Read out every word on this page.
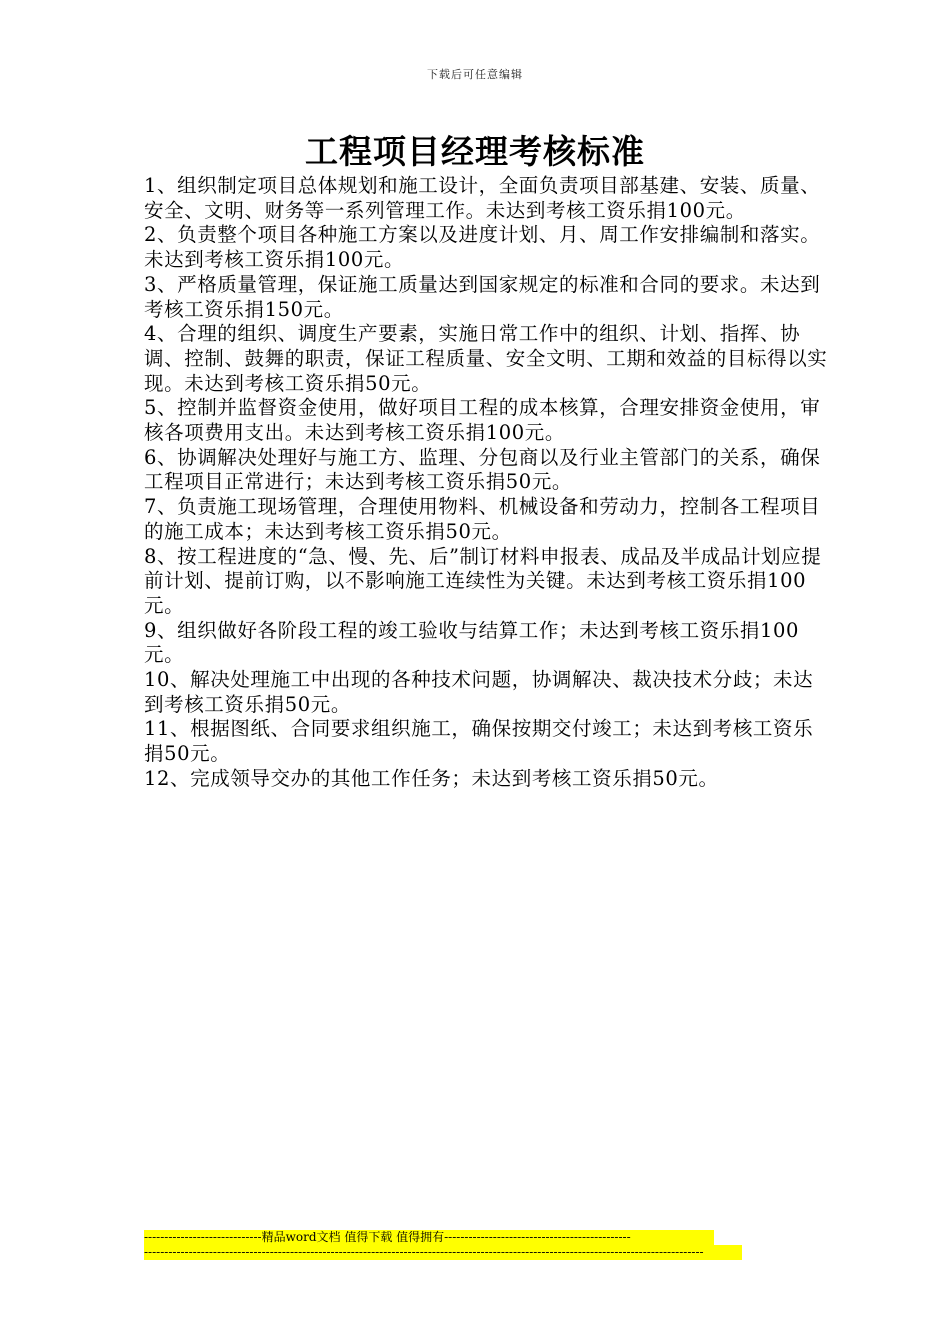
下载后可任意编辑
工程项目经理考核标准
1、组织制定项目总体规划和施工设计，全面负责项目部基建、安装、质量、安全、文明、财务等一系列管理工作。未达到考核工资乐捐100元。
2、负责整个项目各种施工方案以及进度计划、月、周工作安排编制和落实。未达到考核工资乐捐100元。
3、严格质量管理，保证施工质量达到国家规定的标准和合同的要求。未达到考核工资乐捐150元。
4、合理的组织、调度生产要素，实施日常工作中的组织、计划、指挥、协调、控制、鼓舞的职责，保证工程质量、安全文明、工期和效益的目标得以实现。未达到考核工资乐捐50元。
5、控制并监督资金使用，做好项目工程的成本核算，合理安排资金使用，审核各项费用支出。未达到考核工资乐捐100元。
6、协调解决处理好与施工方、监理、分包商以及行业主管部门的关系，确保工程项目正常进行；未达到考核工资乐捐50元。
7、负责施工现场管理，合理使用物料、机械设备和劳动力，控制各工程项目的施工成本；未达到考核工资乐捐50元。
8、按工程进度的“急、慢、先、后”制订材料申报表、成品及半成品计划应提前计划、提前订购，以不影响施工连续性为关键。未达到考核工资乐捐100元。
9、组织做好各阶段工程的竣工验收与结算工作；未达到考核工资乐捐100元。
10、解决处理施工中出现的各种技术问题，协调解决、裁决技术分歧；未达到考核工资乐捐50元。
11、根据图纸、合同要求组织施工，确保按期交付竣工；未达到考核工资乐捐50元。
12、完成领导交办的其他工作任务；未达到考核工资乐捐50元。
-----------------------------精品word文档 值得下载 值得拥有----------------------------------------------
------------------------------------------------------------------------------------------------------------------------------------------
